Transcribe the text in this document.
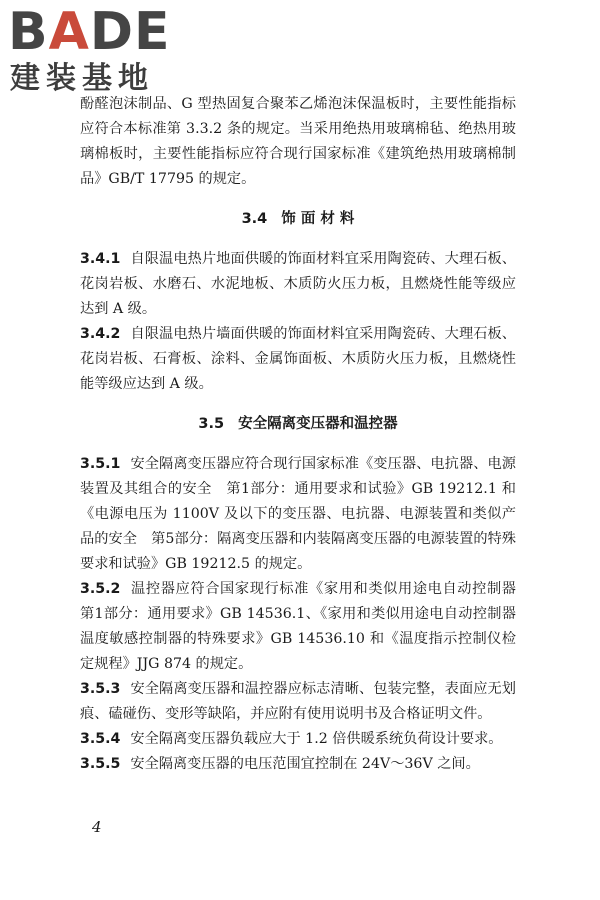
BADE
建装基地

酚醛泡沫制品、G 型热固复合聚苯乙烯泡沫保温板时，主要性能指标应符合本标准第 3.3.2 条的规定。当采用绝热用玻璃棉毡、绝热用玻璃棉板时，主要性能指标应符合现行国家标准《建筑绝热用玻璃棉制品》GB/T 17795 的规定。

3.4 饰 面 材 料

3.4.1 自限温电热片地面供暖的饰面材料宜采用陶瓷砖、大理石板、花岗岩板、水磨石、水泥地板、木质防火压力板，且燃烧性能等级应达到 A 级。

3.4.2 自限温电热片墙面供暖的饰面材料宜采用陶瓷砖、大理石板、花岗岩板、石膏板、涂料、金属饰面板、木质防火压力板，且燃烧性能等级应达到 A 级。

3.5 安全隔离变压器和温控器

3.5.1 安全隔离变压器应符合现行国家标准《变压器、电抗器、电源装置及其组合的安全　第1部分：通用要求和试验》GB 19212.1 和《电源电压为 1100V 及以下的变压器、电抗器、电源装置和类似产品的安全　第5部分：隔离变压器和内装隔离变压器的电源装置的特殊要求和试验》GB 19212.5 的规定。

3.5.2 温控器应符合国家现行标准《家用和类似用途电自动控制器　第1部分：通用要求》GB 14536.1、《家用和类似用途电自动控制器 温度敏感控制器的特殊要求》GB 14536.10 和《温度指示控制仪检定规程》JJG 874 的规定。

3.5.3 安全隔离变压器和温控器应标志清晰、包装完整，表面应无划痕、磕碰伤、变形等缺陷，并应附有使用说明书及合格证明文件。

3.5.4 安全隔离变压器负载应大于 1.2 倍供暖系统负荷设计要求。

3.5.5 安全隔离变压器的电压范围宜控制在 24V～36V 之间。

4
